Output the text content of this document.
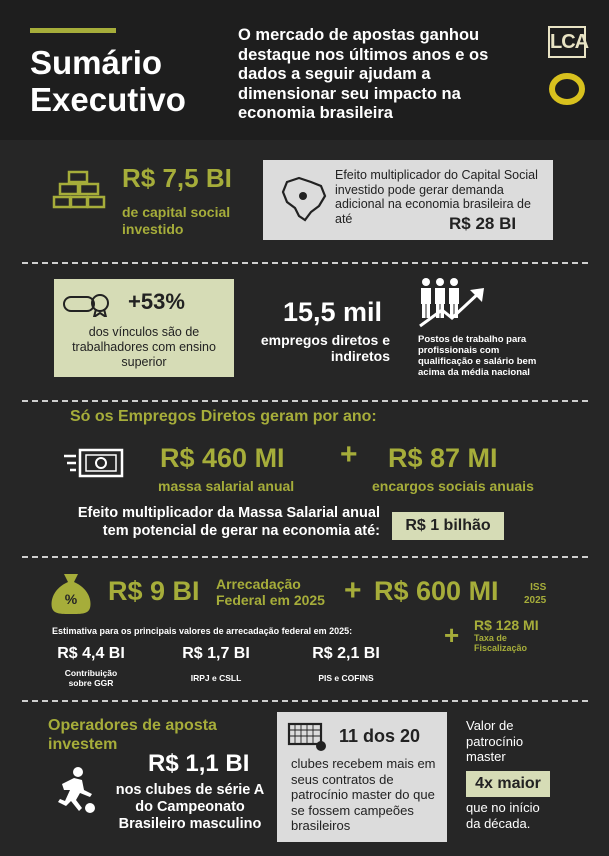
Sumário
Executivo
O mercado de apostas ganhou destaque nos últimos anos e os dados a seguir ajudam a dimensionar seu impacto na economia brasileira
LCA
R$ 7,5 BI
de capital social investido
Efeito multiplicador do Capital Social investido pode gerar demanda adicional na economia brasileira de até	R$ 28 BI
+53%
dos vínculos são de trabalhadores com ensino superior
15,5 mil
empregos diretos e indiretos
Postos de trabalho para profissionais com qualificação e salário bem acima da média nacional
Só os Empregos Diretos geram por ano:
R$ 460 MI
massa salarial anual
+ R$ 87 MI
encargos sociais anuais
Efeito multiplicador da Massa Salarial anual
tem potencial de gerar na economia até:	R$ 1 bilhão
% R$ 9 BI Arrecadação
Federal em 2025 + R$ 600 MI	ISS
2025
Estimativa para os principais valores de arrecadação federal em 2025:
R$ 4,4 BI
Contribuição sobre GGR
R$ 1,7 BI
IRPJ e CSLL
R$ 2,1 BI
PIS e COFINS
+ R$ 128 MI
Taxa de Fiscalização
Operadores de aposta
investem
R$ 1,1 BI
nos clubes de série A do Campeonato Brasileiro masculino
11 dos 20
clubes recebem mais em seus contratos de patrocínio master do que se fossem campeões brasileiros
Valor de patrocínio master
4x maior
que no início da década.
